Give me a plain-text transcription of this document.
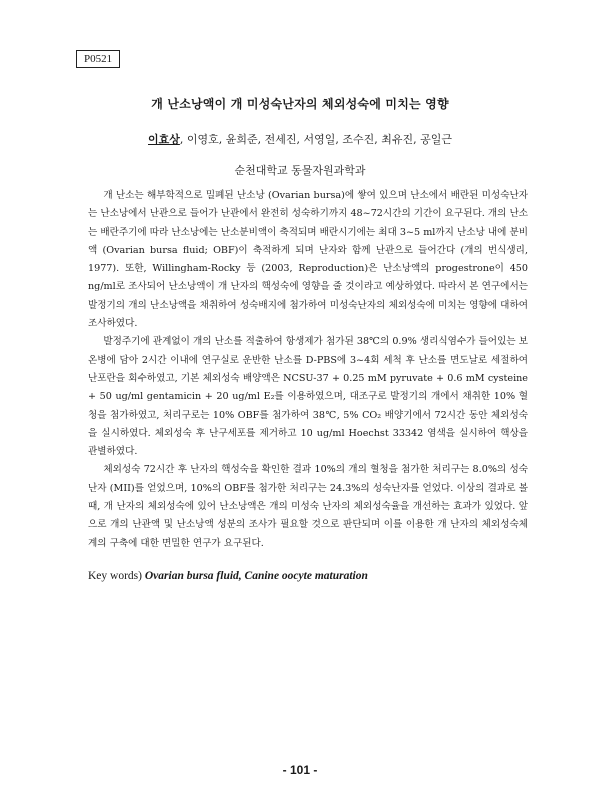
P0521
개 난소낭액이 개 미성숙난자의 체외성숙에 미치는 영향
이효상, 이영호, 윤희준, 전세진, 서영일, 조수진, 최유진, 공일근
순천대학교 동물자원과학과

개 난소는 해부학적으로 밀폐된 난소낭 (Ovarian bursa)에 쌓여 있으며 난소에서 배란된 미성숙난자는 난소낭에서 난관으로 들어가 난관에서 완전히 성숙하기까지 48~72시간의 기간이 요구된다. 개의 난소는 배란주기에 따라 난소낭에는 난소분비액이 축적되며 배란시기에는 최대 3~5 ml까지 난소낭 내에 분비액 (Ovarian bursa fluid; OBF)이 축적하게 되며 난자와 함께 난관으로 들어간다 (개의 번식생리, 1977). 또한, Willingham-Rocky 등 (2003, Reproduction)은 난소낭액의 progestrone이 450 ng/ml로 조사되어 난소낭액이 개 난자의 핵성숙에 영향을 줄 것이라고 예상하였다. 따라서 본 연구에서는 발정기의 개의 난소낭액을 채취하여 성숙배지에 첨가하여 미성숙난자의 체외성숙에 미치는 영향에 대하여 조사하였다.

발정주기에 관계없이 개의 난소를 적출하여 항생제가 첨가된 38℃의 0.9% 생리식염수가 들어있는 보온병에 담아 2시간 이내에 연구실로 운반한 난소를 D-PBS에 3~4회 세척 후 난소를 면도날로 세절하여 난포란을 회수하였고, 기본 체외성숙 배양액은 NCSU-37 + 0.25 mM pyruvate + 0.6 mM cysteine + 50 ug/ml gentamicin + 20 ug/ml E₂를 이용하였으며, 대조구로 발정기의 개에서 채취한 10% 혈청을 첨가하였고, 처리구로는 10% OBF를 첨가하여 38℃, 5% CO₂ 배양기에서 72시간 동안 체외성숙을 실시하였다. 체외성숙 후 난구세포를 제거하고 10 ug/ml Hoechst 33342 염색을 실시하여 핵상을 관별하였다.

체외성숙 72시간 후 난자의 핵성숙을 확인한 결과 10%의 개의 혈청을 첨가한 처리구는 8.0%의 성숙난자 (MII)를 얻었으며, 10%의 OBF를 첨가한 처리구는 24.3%의 성숙난자를 얻었다. 이상의 결과로 볼 때, 개 난자의 체외성숙에 있어 난소낭액은 개의 미성숙 난자의 체외성숙율을 개선하는 효과가 있었다. 앞으로 개의 난관액 및 난소낭액 성분의 조사가 필요할 것으로 판단되며 이를 이용한 개 난자의 체외성숙체계의 구축에 대한 면밀한 연구가 요구된다.

Key words) Ovarian bursa fluid, Canine oocyte maturation
- 101 -
